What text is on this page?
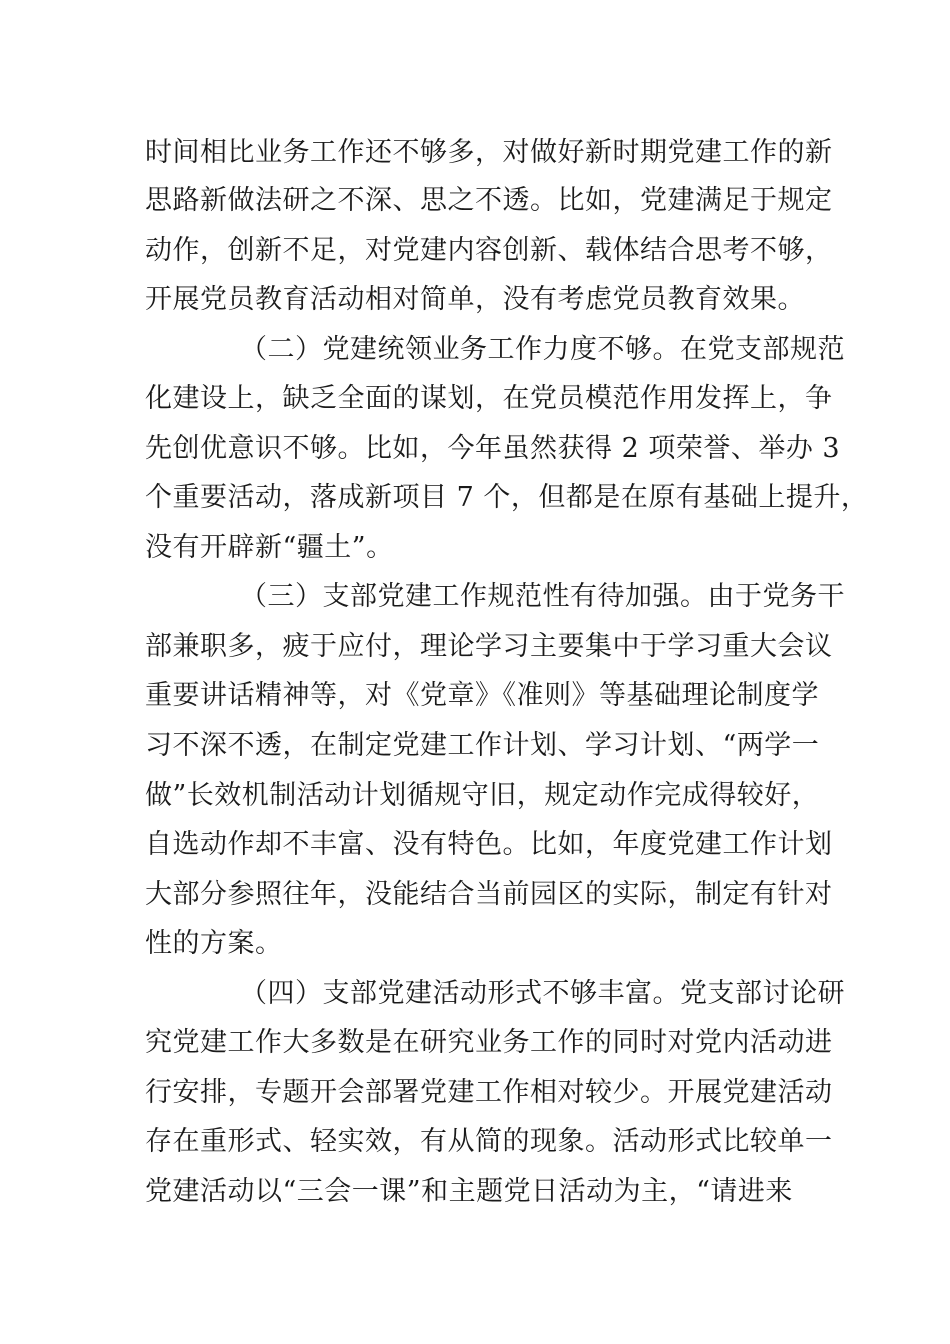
时间相比业务工作还不够多，对做好新时期党建工作的新
思路新做法研之不深、思之不透。比如，党建满足于规定
动作，创新不足，对党建内容创新、载体结合思考不够，
开展党员教育活动相对简单，没有考虑党员教育效果。
（二）党建统领业务工作力度不够。在党支部规范
化建设上，缺乏全面的谋划，在党员模范作用发挥上，争
先创优意识不够。比如，今年虽然获得 2 项荣誉、举办 3
个重要活动，落成新项目 7 个，但都是在原有基础上提升，
没有开辟新“疆土”。
（三）支部党建工作规范性有待加强。由于党务干
部兼职多，疲于应付，理论学习主要集中于学习重大会议
重要讲话精神等，对《党章》《准则》等基础理论制度学
习不深不透，在制定党建工作计划、学习计划、“两学一
做”长效机制活动计划循规守旧，规定动作完成得较好，
自选动作却不丰富、没有特色。比如，年度党建工作计划
大部分参照往年，没能结合当前园区的实际，制定有针对
性的方案。
（四）支部党建活动形式不够丰富。党支部讨论研
究党建工作大多数是在研究业务工作的同时对党内活动进
行安排，专题开会部署党建工作相对较少。开展党建活动
存在重形式、轻实效，有从简的现象。活动形式比较单一
党建活动以“三会一课”和主题党日活动为主，“请进来
